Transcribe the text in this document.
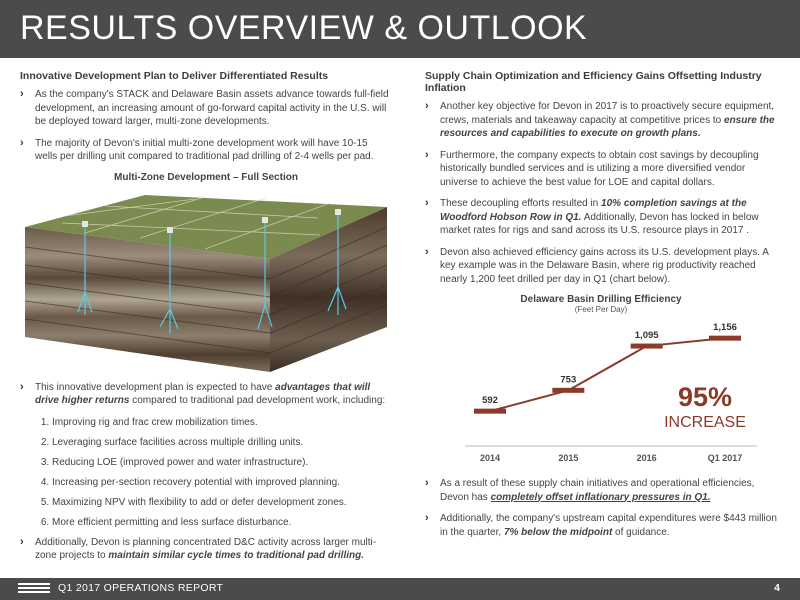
RESULTS OVERVIEW & OUTLOOK
Innovative Development Plan to Deliver Differentiated Results
› As the company's STACK and Delaware Basin assets advance towards full-field development, an increasing amount of go-forward capital activity in the U.S. will be deployed toward larger, multi-zone developments.
› The majority of Devon's initial multi-zone development work will have 10-15 wells per drilling unit compared to traditional pad drilling of 2-4 wells per pad.
Multi-Zone Development – Full Section
› This innovative development plan is expected to have advantages that will drive higher returns compared to traditional pad development work, including:
1. Improving rig and frac crew mobilization times.
2. Leveraging surface facilities across multiple drilling units.
3. Reducing LOE (improved power and water infrastructure).
4. Increasing per-section recovery potential with improved planning.
5. Maximizing NPV with flexibility to add or defer development zones.
6. More efficient permitting and less surface disturbance.
› Additionally, Devon is planning concentrated D&C activity across larger multi-zone projects to maintain similar cycle times to traditional pad drilling.
Supply Chain Optimization and Efficiency Gains Offsetting Industry Inflation
› Another key objective for Devon in 2017 is to proactively secure equipment, crews, materials and takeaway capacity at competitive prices to ensure the resources and capabilities to execute on growth plans.
› Furthermore, the company expects to obtain cost savings by decoupling historically bundled services and is utilizing a more diversified vendor universe to achieve the best value for LOE and capital dollars.
› These decoupling efforts resulted in 10% completion savings at the Woodford Hobson Row in Q1. Additionally, Devon has locked in below market rates for rigs and sand across its U.S. resource plays in 2017 .
› Devon also achieved efficiency gains across its U.S. development plays. A key example was in the Delaware Basin, where rig productivity reached nearly 1,200 feet drilled per day in Q1 (chart below).
Delaware Basin Drilling Efficiency
(Feet Per Day)
592
2014
753
2015
1,095
2016
1,156
Q1 2017
95%
INCREASE
› As a result of these supply chain initiatives and operational efficiencies, Devon has completely offset inflationary pressures in Q1.
› Additionally, the company's upstream capital expenditures were $443 million in the quarter, 7% below the midpoint of guidance.
Q1 2017 OPERATIONS REPORT	4
